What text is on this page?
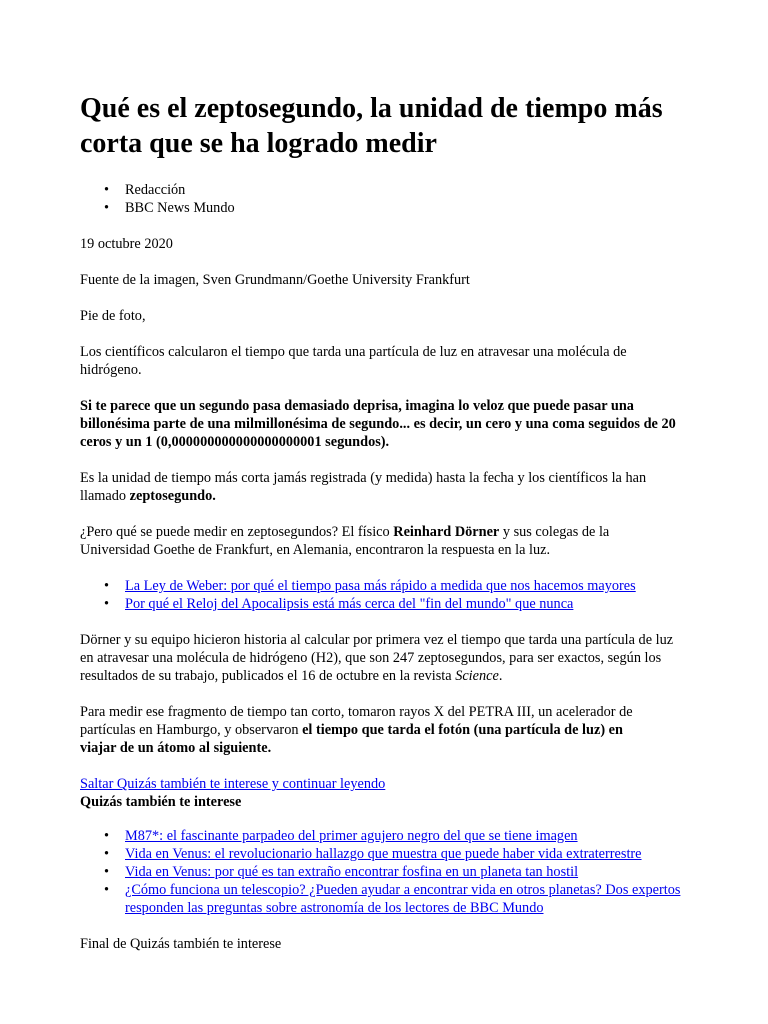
Qué es el zeptosegundo, la unidad de tiempo más corta que se ha logrado medir
• Redacción
• BBC News Mundo

19 octubre 2020

Fuente de la imagen, Sven Grundmann/Goethe University Frankfurt

Pie de foto,

Los científicos calcularon el tiempo que tarda una partícula de luz en atravesar una molécula de hidrógeno.

Si te parece que un segundo pasa demasiado deprisa, imagina lo veloz que puede pasar una billonésima parte de una milmillonésima de segundo... es decir, un cero y una coma seguidos de 20 ceros y un 1 (0,000000000000000000001 segundos).

Es la unidad de tiempo más corta jamás registrada (y medida) hasta la fecha y los científicos la han llamado zeptosegundo.

¿Pero qué se puede medir en zeptosegundos? El físico Reinhard Dörner y sus colegas de la Universidad Goethe de Frankfurt, en Alemania, encontraron la respuesta en la luz.

• La Ley de Weber: por qué el tiempo pasa más rápido a medida que nos hacemos mayores
• Por qué el Reloj del Apocalipsis está más cerca del "fin del mundo" que nunca

Dörner y su equipo hicieron historia al calcular por primera vez el tiempo que tarda una partícula de luz en atravesar una molécula de hidrógeno (H2), que son 247 zeptosegundos, para ser exactos, según los resultados de su trabajo, publicados el 16 de octubre en la revista Science.

Para medir ese fragmento de tiempo tan corto, tomaron rayos X del PETRA III, un acelerador de partículas en Hamburgo, y observaron el tiempo que tarda el fotón (una partícula de luz) en viajar de un átomo al siguiente.

Saltar Quizás también te interese y continuar leyendo

Quizás también te interese

• M87*: el fascinante parpadeo del primer agujero negro del que se tiene imagen
• Vida en Venus: el revolucionario hallazgo que muestra que puede haber vida extraterrestre
• Vida en Venus: por qué es tan extraño encontrar fosfina en un planeta tan hostil
• ¿Cómo funciona un telescopio? ¿Pueden ayudar a encontrar vida en otros planetas? Dos expertos responden las preguntas sobre astronomía de los lectores de BBC Mundo

Final de Quizás también te interese
